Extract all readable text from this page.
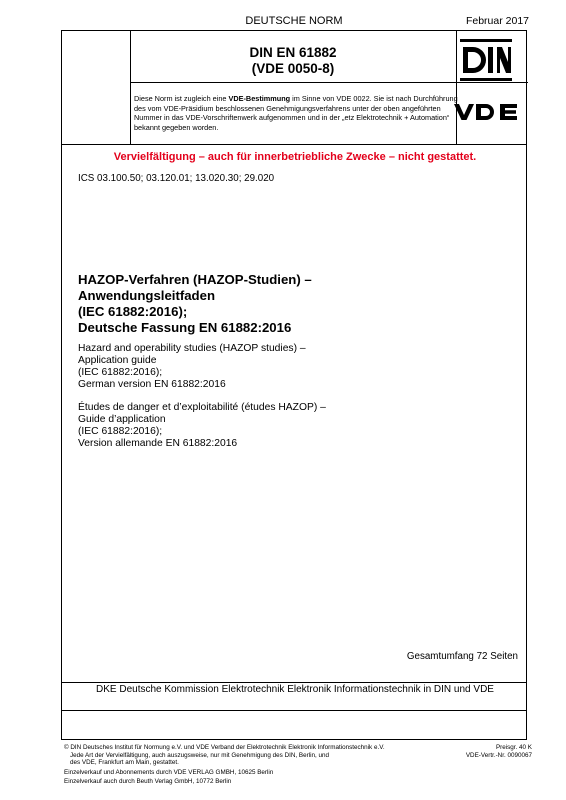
DEUTSCHE NORM	Februar 2017
DIN EN 61882
(VDE 0050-8)
Diese Norm ist zugleich eine VDE-Bestimmung im Sinne von VDE 0022. Sie ist nach Durchführung des vom VDE-Präsidium beschlossenen Genehmigungsverfahrens unter der oben angeführten Nummer in das VDE-Vorschriftenwerk aufgenommen und in der „etz Elektrotechnik + Automation“ bekannt gegeben worden.
Vervielfältigung – auch für innerbetriebliche Zwecke – nicht gestattet.
ICS 03.100.50; 03.120.01; 13.020.30; 29.020
HAZOP-Verfahren (HAZOP-Studien) –
Anwendungsleitfaden
(IEC 61882:2016);
Deutsche Fassung EN 61882:2016
Hazard and operability studies (HAZOP studies) –
Application guide
(IEC 61882:2016);
German version EN 61882:2016
Études de danger et d’exploitabilité (études HAZOP) –
Guide d’application
(IEC 61882:2016);
Version allemande EN 61882:2016
Gesamtumfang 72 Seiten
DKE Deutsche Kommission Elektrotechnik Elektronik Informationstechnik in DIN und VDE
© DIN Deutsches Institut für Normung e.V. und VDE Verband der Elektrotechnik Elektronik Informationstechnik e.V.
Jede Art der Vervielfältigung, auch auszugsweise, nur mit Genehmigung des DIN, Berlin, und
des VDE, Frankfurt am Main, gestattet.
Preisgr. 40 K
VDE-Vertr.-Nr. 0090067
Einzelverkauf und Abonnements durch VDE VERLAG GMBH, 10625 Berlin
Einzelverkauf auch durch Beuth Verlag GmbH, 10772 Berlin
